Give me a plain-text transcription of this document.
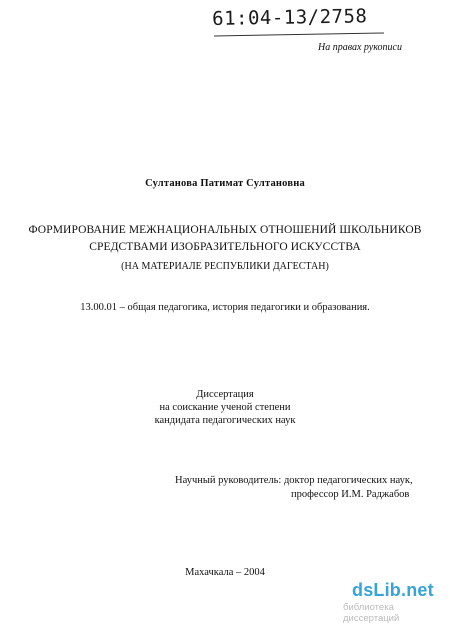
61:04-13/2758
На правах рукописи
Султанова Патимат Султановна
ФОРМИРОВАНИЕ МЕЖНАЦИОНАЛЬНЫХ ОТНОШЕНИЙ ШКОЛЬНИКОВ
СРЕДСТВАМИ ИЗОБРАЗИТЕЛЬНОГО ИСКУССТВА
(НА МАТЕРИАЛЕ РЕСПУБЛИКИ ДАГЕСТАН)
13.00.01 – общая педагогика, история педагогики и образования.
Диссертация
на соискание ученой степени
кандидата педагогических наук
Научный руководитель: доктор педагогических наук,
профессор И.М. Раджабов
Махачкала – 2004
dsLib.net
библиотека диссертаций
